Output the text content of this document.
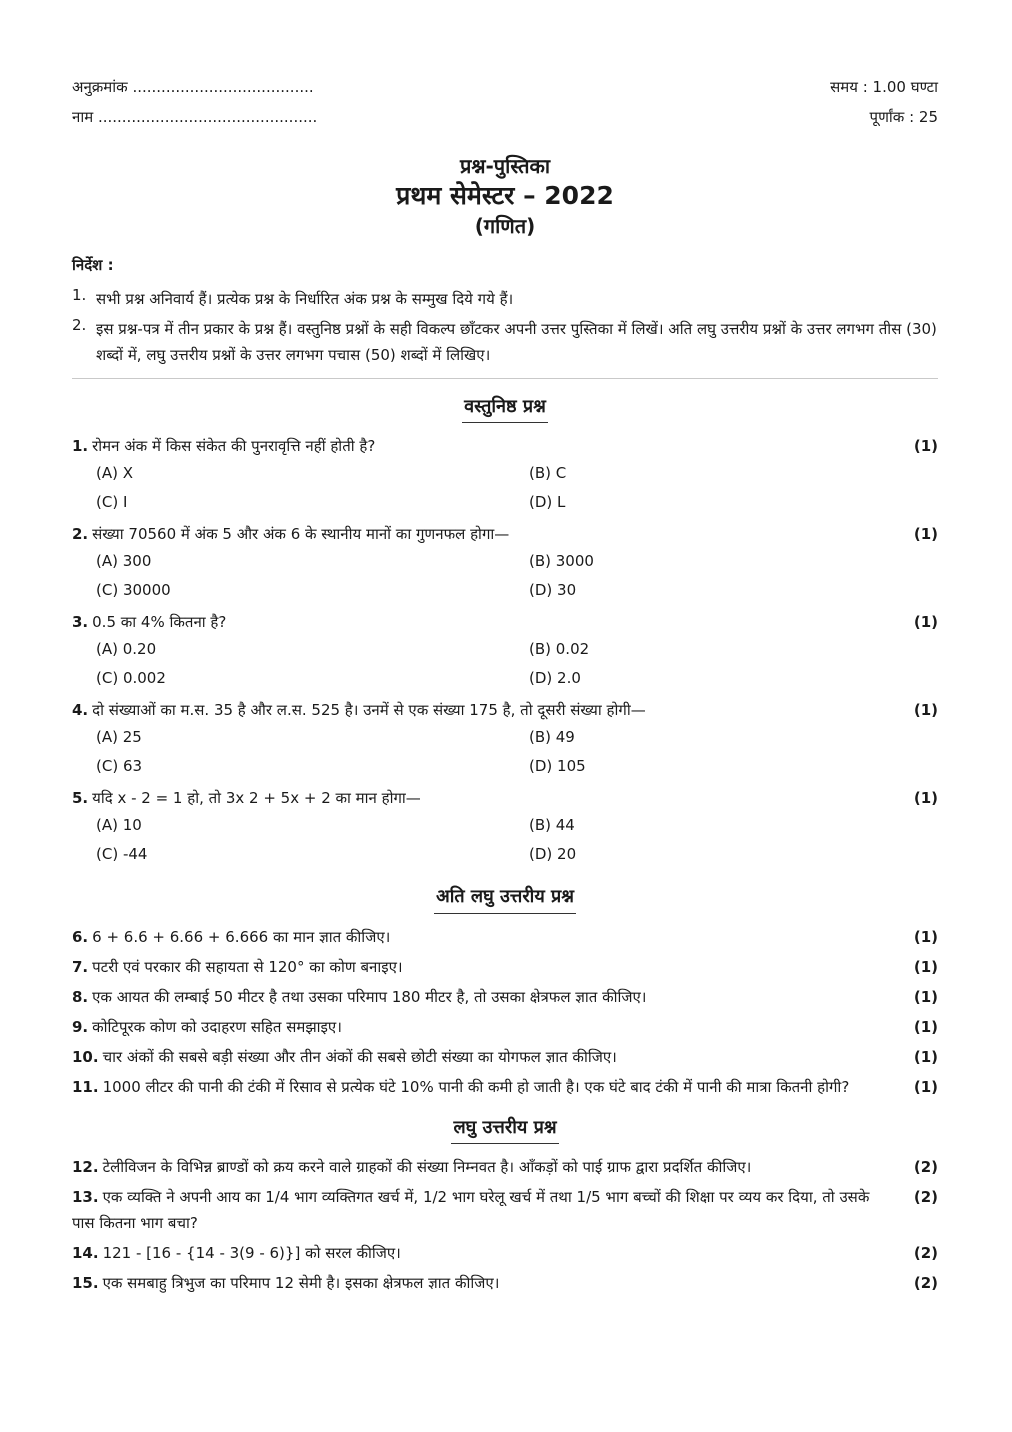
अनुक्रमांक ......................................	समय : 1.00 घण्टा
नाम ..............................................	पूर्णांक : 25
प्रश्न-पुस्तिका
प्रथम सेमेस्टर – 2022
(गणित)
निर्देश :
1. सभी प्रश्न अनिवार्य हैं। प्रत्येक प्रश्न के निर्धारित अंक प्रश्न के सम्मुख दिये गये हैं।
2. इस प्रश्न-पत्र में तीन प्रकार के प्रश्न हैं। वस्तुनिष्ठ प्रश्नों के सही विकल्प छाँटकर अपनी उत्तर पुस्तिका में लिखें। अति लघु उत्तरीय प्रश्नों के उत्तर लगभग तीस (30) शब्दों में, लघु उत्तरीय प्रश्नों के उत्तर लगभग पचास (50) शब्दों में लिखिए।
वस्तुनिष्ठ प्रश्न
1. रोमन अंक में किस संकेत की पुनरावृत्ति नहीं होती है?	(1)
(A) X	(B) C
(C) I	(D) L
2. संख्या 70560 में अंक 5 और अंक 6 के स्थानीय मानों का गुणनफल होगा—	(1)
(A) 300	(B) 3000
(C) 30000	(D) 30
3. 0.5 का 4% कितना है?	(1)
(A) 0.20	(B) 0.02
(C) 0.002	(D) 2.0
4. दो संख्याओं का म.स. 35 है और ल.स. 525 है। उनमें से एक संख्या 175 है, तो दूसरी संख्या होगी—	(1)
(A) 25	(B) 49
(C) 63	(D) 105
5. यदि x - 2 = 1 हो, तो 3x 2 + 5x + 2 का मान होगा—	(1)
(A) 10	(B) 44
(C) -44	(D) 20
अति लघु उत्तरीय प्रश्न
6. 6 + 6.6 + 6.66 + 6.666 का मान ज्ञात कीजिए।	(1)
7. पटरी एवं परकार की सहायता से 120° का कोण बनाइए।	(1)
8. एक आयत की लम्बाई 50 मीटर है तथा उसका परिमाप 180 मीटर है, तो उसका क्षेत्रफल ज्ञात कीजिए।	(1)
9. कोटिपूरक कोण को उदाहरण सहित समझाइए।	(1)
10. चार अंकों की सबसे बड़ी संख्या और तीन अंकों की सबसे छोटी संख्या का योगफल ज्ञात कीजिए।	(1)
11. 1000 लीटर की पानी की टंकी में रिसाव से प्रत्येक घंटे 10% पानी की कमी हो जाती है। एक घंटे बाद टंकी में पानी की मात्रा कितनी होगी?	(1)
लघु उत्तरीय प्रश्न
12. टेलीविजन के विभिन्न ब्राण्डों को क्रय करने वाले ग्राहकों की संख्या निम्नवत है। आँकड़ों को पाई ग्राफ द्वारा प्रदर्शित कीजिए।	(2)
13. एक व्यक्ति ने अपनी आय का 1/4 भाग व्यक्तिगत खर्च में, 1/2 भाग घरेलू खर्च में तथा 1/5 भाग बच्चों की शिक्षा पर व्यय कर दिया, तो उसके पास कितना भाग बचा?
(2)
14. 121 - [16 - {14 - 3(9 - 6)}] को सरल कीजिए।	(2)
15. एक समबाहु त्रिभुज का परिमाप 12 सेमी है। इसका क्षेत्रफल ज्ञात कीजिए।	(2)
